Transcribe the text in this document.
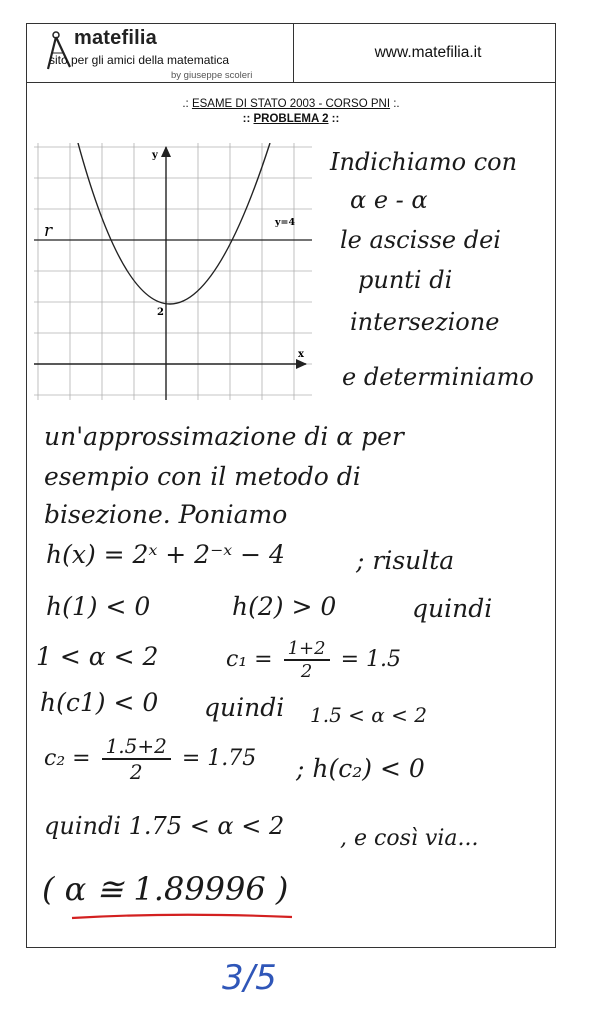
matefilia
sito per gli amici della matematica
by giuseppe scoleri
www.matefilia.it
.: ESAME DI STATO 2003 - CORSO PNI :.
:: PROBLEMA 2 ::
y
x
r	y=4
2
Indichiamo con
α e - α
le ascisse dei
punti di
intersezione
e determiniamo
un'approssimazione di α per
esempio con il metodo di
bisezione. Poniamo
h(x) = 2ˣ + 2⁻ˣ − 4	; risulta
h(1) < 0	h(2) > 0	quindi
1 < α < 2	$c_1 = \frac{1+2}{2} = 1.5$
h(c1) < 0 quindi 1.5 < α < 2
$c_2 = \frac{1.5+2}{2} = 1.75$ ; h(c₂) < 0
quindi 1.75 < α < 2	, e così via...
( α ≅ 1.89996 )
3/5
